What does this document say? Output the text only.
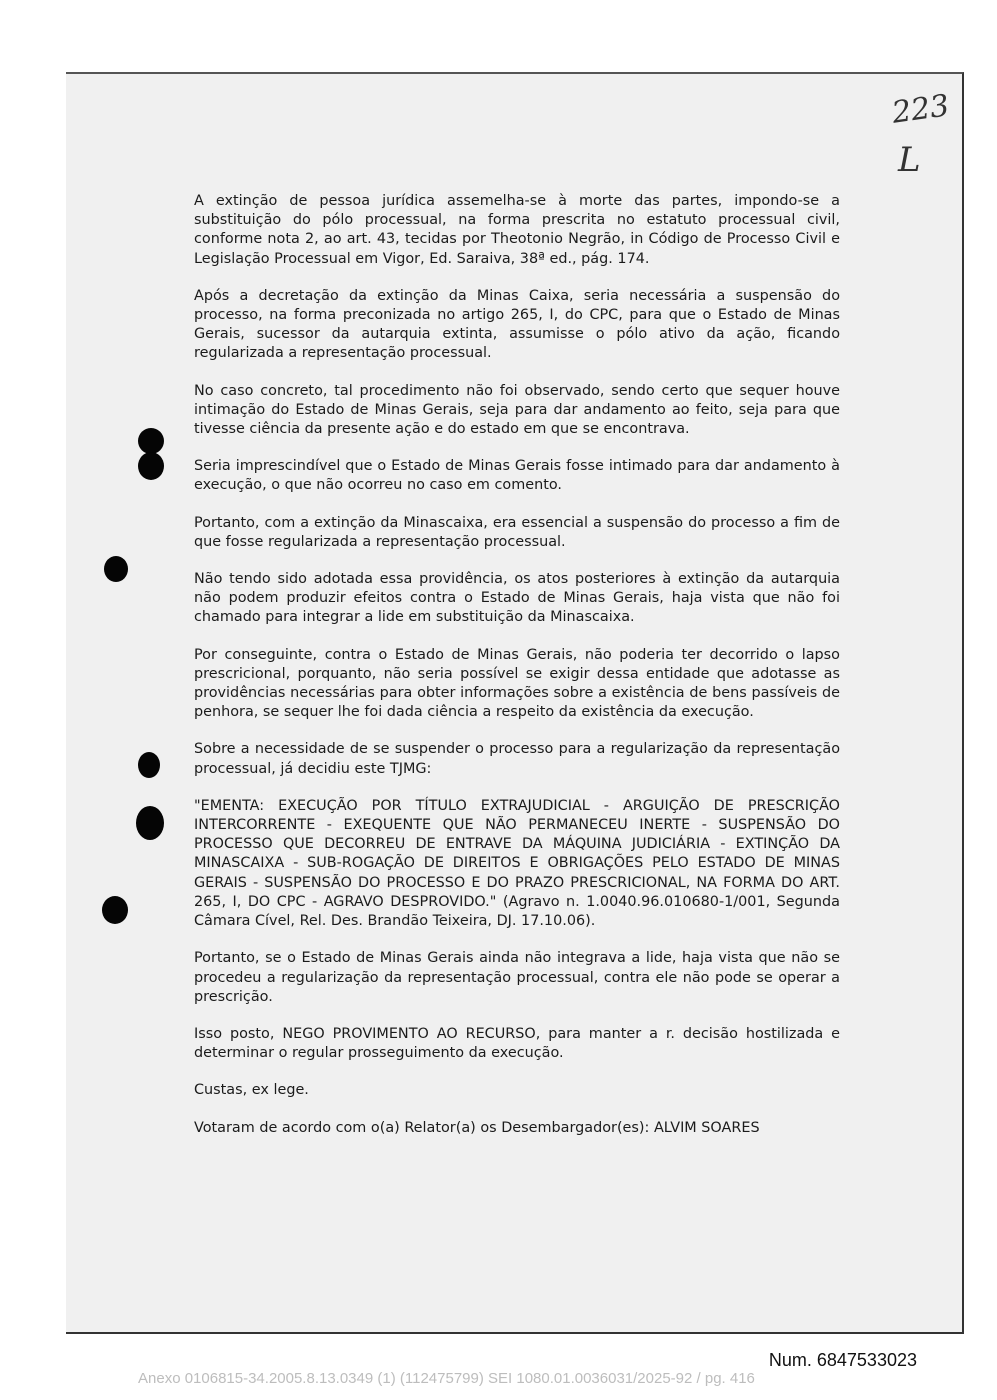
223
L

A extinção de pessoa jurídica assemelha-se à morte das partes, impondo-se a substituição do pólo processual, na forma prescrita no estatuto processual civil, conforme nota 2, ao art. 43, tecidas por Theotonio Negrão, in Código de Processo Civil e Legislação Processual em Vigor, Ed. Saraiva, 38ª ed., pág. 174.

Após a decretação da extinção da Minas Caixa, seria necessária a suspensão do processo, na forma preconizada no artigo 265, I, do CPC, para que o Estado de Minas Gerais, sucessor da autarquia extinta, assumisse o pólo ativo da ação, ficando regularizada a representação processual.

No caso concreto, tal procedimento não foi observado, sendo certo que sequer houve intimação do Estado de Minas Gerais, seja para dar andamento ao feito, seja para que tivesse ciência da presente ação e do estado em que se encontrava.

Seria imprescindível que o Estado de Minas Gerais fosse intimado para dar andamento à execução, o que não ocorreu no caso em comento.

Portanto, com a extinção da Minascaixa, era essencial a suspensão do processo a fim de que fosse regularizada a representação processual.

Não tendo sido adotada essa providência, os atos posteriores à extinção da autarquia não podem produzir efeitos contra o Estado de Minas Gerais, haja vista que não foi chamado para integrar a lide em substituição da Minascaixa.

Por conseguinte, contra o Estado de Minas Gerais, não poderia ter decorrido o lapso prescricional, porquanto, não seria possível se exigir dessa entidade que adotasse as providências necessárias para obter informações sobre a existência de bens passíveis de penhora, se sequer lhe foi dada ciência a respeito da existência da execução.

Sobre a necessidade de se suspender o processo para a regularização da representação processual, já decidiu este TJMG:

"EMENTA: EXECUÇÃO POR TÍTULO EXTRAJUDICIAL - ARGUIÇÃO DE PRESCRIÇÃO INTERCORRENTE - EXEQUENTE QUE NÃO PERMANECEU INERTE - SUSPENSÃO DO PROCESSO QUE DECORREU DE ENTRAVE DA MÁQUINA JUDICIÁRIA - EXTINÇÃO DA MINASCAIXA - SUB-ROGAÇÃO DE DIREITOS E OBRIGAÇÕES PELO ESTADO DE MINAS GERAIS - SUSPENSÃO DO PROCESSO E DO PRAZO PRESCRICIONAL, NA FORMA DO ART. 265, I, DO CPC - AGRAVO DESPROVIDO." (Agravo n. 1.0040.96.010680-1/001, Segunda Câmara Cível, Rel. Des. Brandão Teixeira, DJ. 17.10.06).

Portanto, se o Estado de Minas Gerais ainda não integrava a lide, haja vista que não se procedeu a regularização da representação processual, contra ele não pode se operar a prescrição.

Isso posto, NEGO PROVIMENTO AO RECURSO, para manter a r. decisão hostilizada e determinar o regular prosseguimento da execução.

Custas, ex lege.

Votaram de acordo com o(a) Relator(a) os Desembargador(es): ALVIM SOARES

Num. 6847533023
Anexo 0106815-34.2005.8.13.0349 (1) (112475799) SEI 1080.01.0036031/2025-92 / pg. 416
